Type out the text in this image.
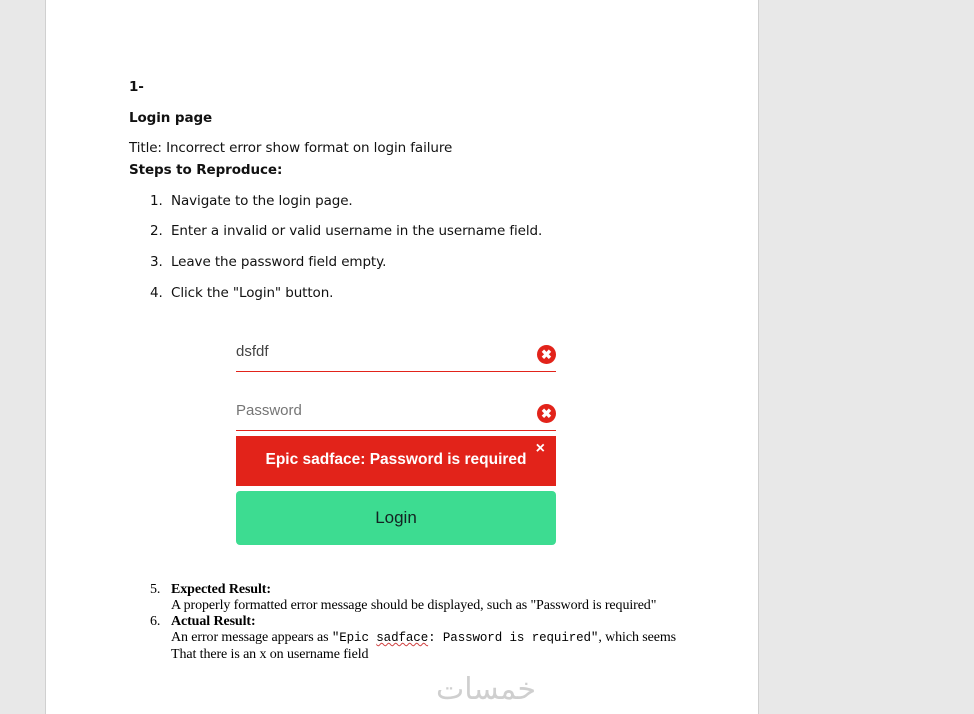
1-
Login page
Title: Incorrect error show format on login failure
Steps to Reproduce:
1. Navigate to the login page.
2. Enter a invalid or valid username in the username field.
3. Leave the password field empty.
4. Click the "Login" button.
dsfdf	✖
Password	✖
Epic sadface: Password is required
×
Login
5. Expected Result:
A properly formatted error message should be displayed, such as "Password is required"
6. Actual Result:
An error message appears as "Epic sadface: Password is required", which seems
That there is an x on username field
خمسات
